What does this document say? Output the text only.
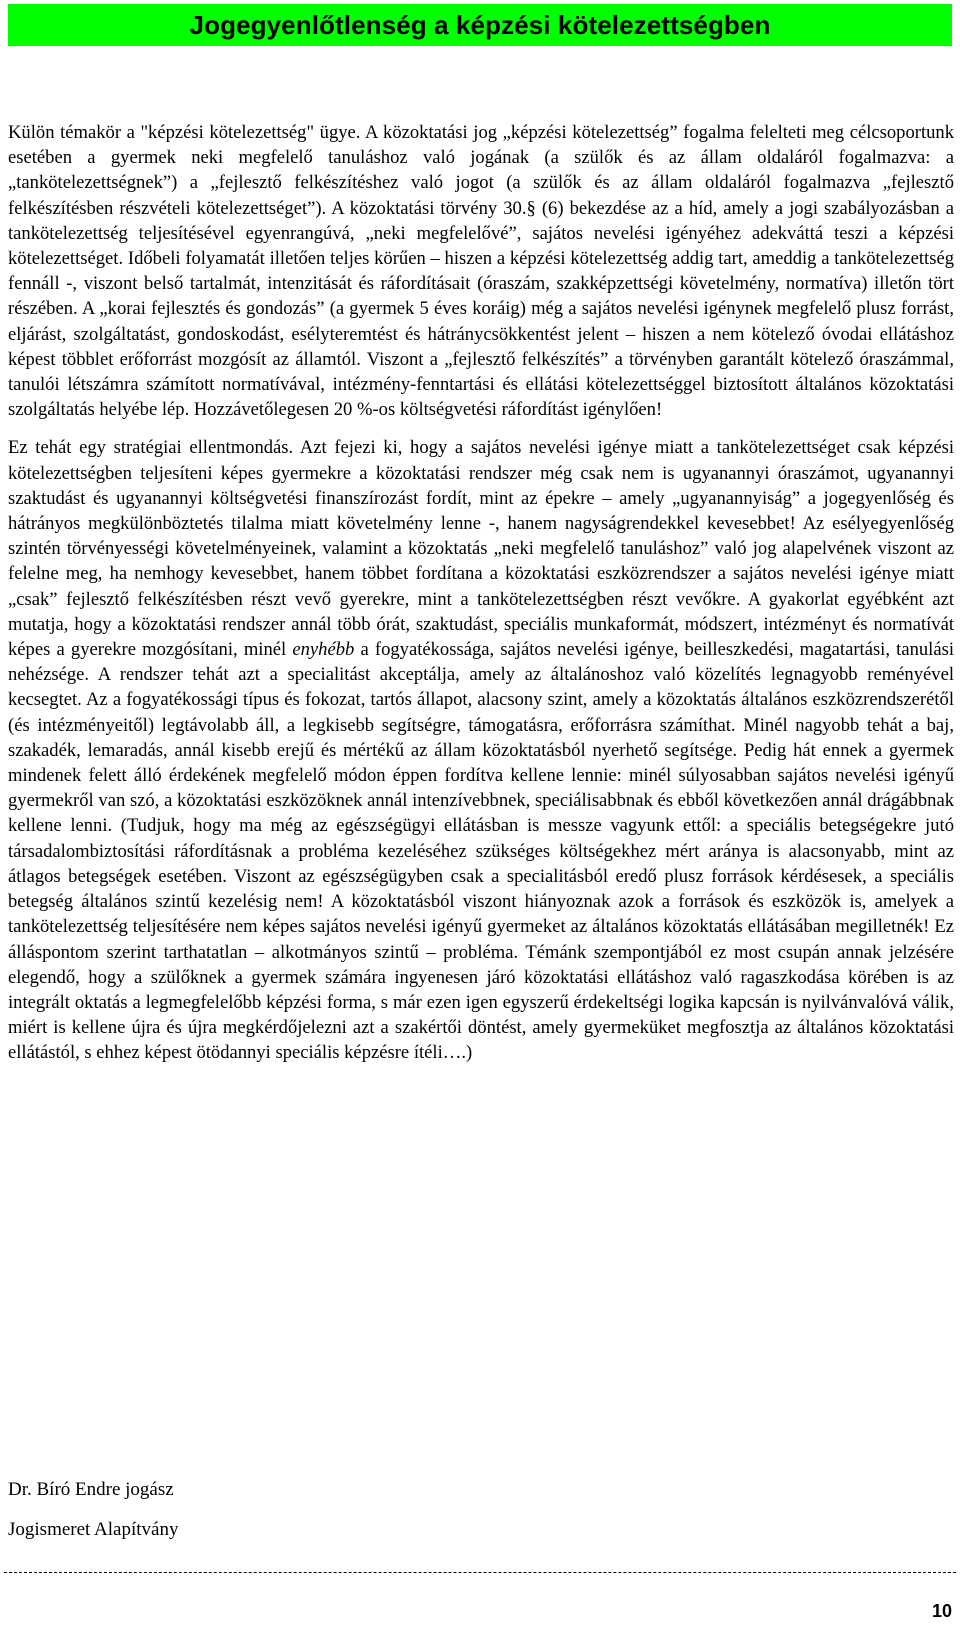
Jogegyenlőtlenség a képzési kötelezettségben

Külön témakör a "képzési kötelezettség" ügye. A közoktatási jog „képzési kötelezettség” fogalma felelteti meg célcsoportunk esetében a gyermek neki megfelelő tanuláshoz való jogának (a szülők és az állam oldaláról fogalmazva: a „tankötelezettségnek”) a „fejlesztő felkészítéshez való jogot (a szülők és az állam oldaláról fogalmazva „fejlesztő felkészítésben részvételi kötelezettséget”). A közoktatási törvény 30.§ (6) bekezdése az a híd, amely a jogi szabályozásban a tankötelezettség teljesítésével egyenrangúvá, „neki megfelelővé”, sajátos nevelési igényéhez adekváttá teszi a képzési kötelezettséget. Időbeli folyamatát illetően teljes körűen – hiszen a képzési kötelezettség addig tart, ameddig a tankötelezettség fennáll -, viszont belső tartalmát, intenzitását és ráfordításait (óraszám, szakképzettségi követelmény, normatíva) illetőn tört részében. A „korai fejlesztés és gondozás” (a gyermek 5 éves koráig) még a sajátos nevelési igénynek megfelelő plusz forrást, eljárást, szolgáltatást, gondoskodást, esélyteremtést és hátránycsökkentést jelent – hiszen a nem kötelező óvodai ellátáshoz képest többlet erőforrást mozgósít az államtól. Viszont a „fejlesztő felkészítés” a törvényben garantált kötelező óraszámmal, tanulói létszámra számított normatívával, intézmény-fenntartási és ellátási kötelezettséggel biztosított általános közoktatási szolgáltatás helyébe lép. Hozzávetőlegesen 20 %-os költségvetési ráfordítást igénylően!

Ez tehát egy stratégiai ellentmondás. Azt fejezi ki, hogy a sajátos nevelési igénye miatt a tankötelezettséget csak képzési kötelezettségben teljesíteni képes gyermekre a közoktatási rendszer még csak nem is ugyanannyi óraszámot, ugyanannyi szaktudást és ugyanannyi költségvetési finanszírozást fordít, mint az épekre – amely „ugyanannyiság” a jogegyenlőség és hátrányos megkülönböztetés tilalma miatt követelmény lenne -, hanem nagyságrendekkel kevesebbet! Az esélyegyenlőség szintén törvényességi követelményeinek, valamint a közoktatás „neki megfelelő tanuláshoz” való jog alapelvének viszont az felelne meg, ha nemhogy kevesebbet, hanem többet fordítana a közoktatási eszközrendszer a sajátos nevelési igénye miatt „csak” fejlesztő felkészítésben részt vevő gyerekre, mint a tankötelezettségben részt vevőkre. A gyakorlat egyébként azt mutatja, hogy a közoktatási rendszer annál több órát, szaktudást, speciális munkaformát, módszert, intézményt és normatívát képes a gyerekre mozgósítani, minél enyhébb a fogyatékossága, sajátos nevelési igénye, beilleszkedési, magatartási, tanulási nehézsége. A rendszer tehát azt a specialitást akceptálja, amely az általánoshoz való közelítés legnagyobb reményével kecsegtet. Az a fogyatékossági típus és fokozat, tartós állapot, alacsony szint, amely a közoktatás általános eszközrendszerétől (és intézményeitől) legtávolabb áll, a legkisebb segítségre, támogatásra, erőforrásra számíthat. Minél nagyobb tehát a baj, szakadék, lemaradás, annál kisebb erejű és mértékű az állam közoktatásból nyerhető segítsége. Pedig hát ennek a gyermek mindenek felett álló érdekének megfelelő módon éppen fordítva kellene lennie: minél súlyosabban sajátos nevelési igényű gyermekről van szó, a közoktatási eszközöknek annál intenzívebbnek, speciálisabbnak és ebből következően annál drágábbnak kellene lenni. (Tudjuk, hogy ma még az egészségügyi ellátásban is messze vagyunk ettől: a speciális betegségekre jutó társadalombiztosítási ráfordításnak a probléma kezeléséhez szükséges költségekhez mért aránya is alacsonyabb, mint az átlagos betegségek esetében. Viszont az egészségügyben csak a specialitásból eredő plusz források kérdésesek, a speciális betegség általános szintű kezelésig nem! A közoktatásból viszont hiányoznak azok a források és eszközök is, amelyek a tankötelezettség teljesítésére nem képes sajátos nevelési igényű gyermeket az általános közoktatás ellátásában megilletnék! Ez álláspontom szerint tarthatatlan – alkotmányos szintű – probléma. Témánk szempontjából ez most csupán annak jelzésére elegendő, hogy a szülőknek a gyermek számára ingyenesen járó közoktatási ellátáshoz való ragaszkodása körében is az integrált oktatás a legmegfelelőbb képzési forma, s már ezen igen egyszerű érdekeltségi logika kapcsán is nyilvánvalóvá válik, miért is kellene újra és újra megkérdőjelezni azt a szakértői döntést, amely gyermeküket megfosztja az általános közoktatási ellátástól, s ehhez képest ötödannyi speciális képzésre ítéli….)

Dr. Bíró Endre jogász
Jogismeret Alapítvány
10
